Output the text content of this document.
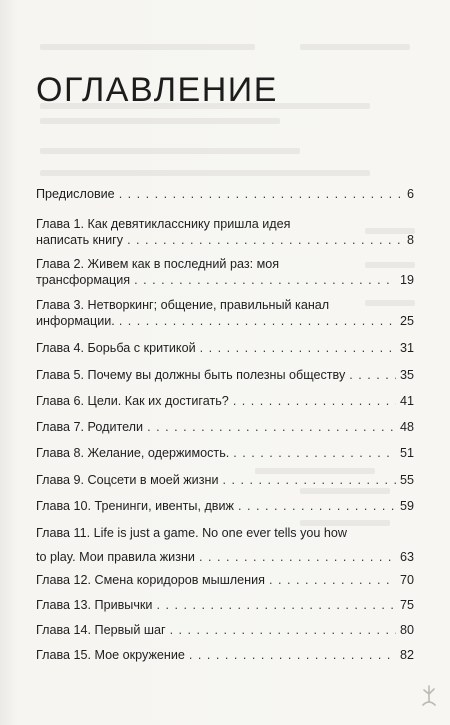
ОГЛАВЛЕНИЕ
Предисловие . . .	6
Глава 1. Как девятикласснику пришла идея
написать книгу . . .	8
Глава 2. Живем как в последний раз: моя
трансформация . . .	19
Глава 3. Нетворкинг; общение, правильный канал
информации. . . .	25
Глава 4. Борьба с критикой . . .	31
Глава 5. Почему вы должны быть полезны обществу . . .	35
Глава 6. Цели. Как их достигать? . . .	41
Глава 7. Родители . . .	48
Глава 8. Желание, одержимость. . . .	51
Глава 9. Соцсети в моей жизни . . .	55
Глава 10. Тренинги, ивенты, движ . . .	59
Глава 11. Life is just a game. No one ever tells you how
to play. Мои правила жизни . . .	63
Глава 12. Смена коридоров мышления . . .	70
Глава 13. Привычки . . .	75
Глава 14. Первый шаг . . .	80
Глава 15. Мое окружение . . .	82
